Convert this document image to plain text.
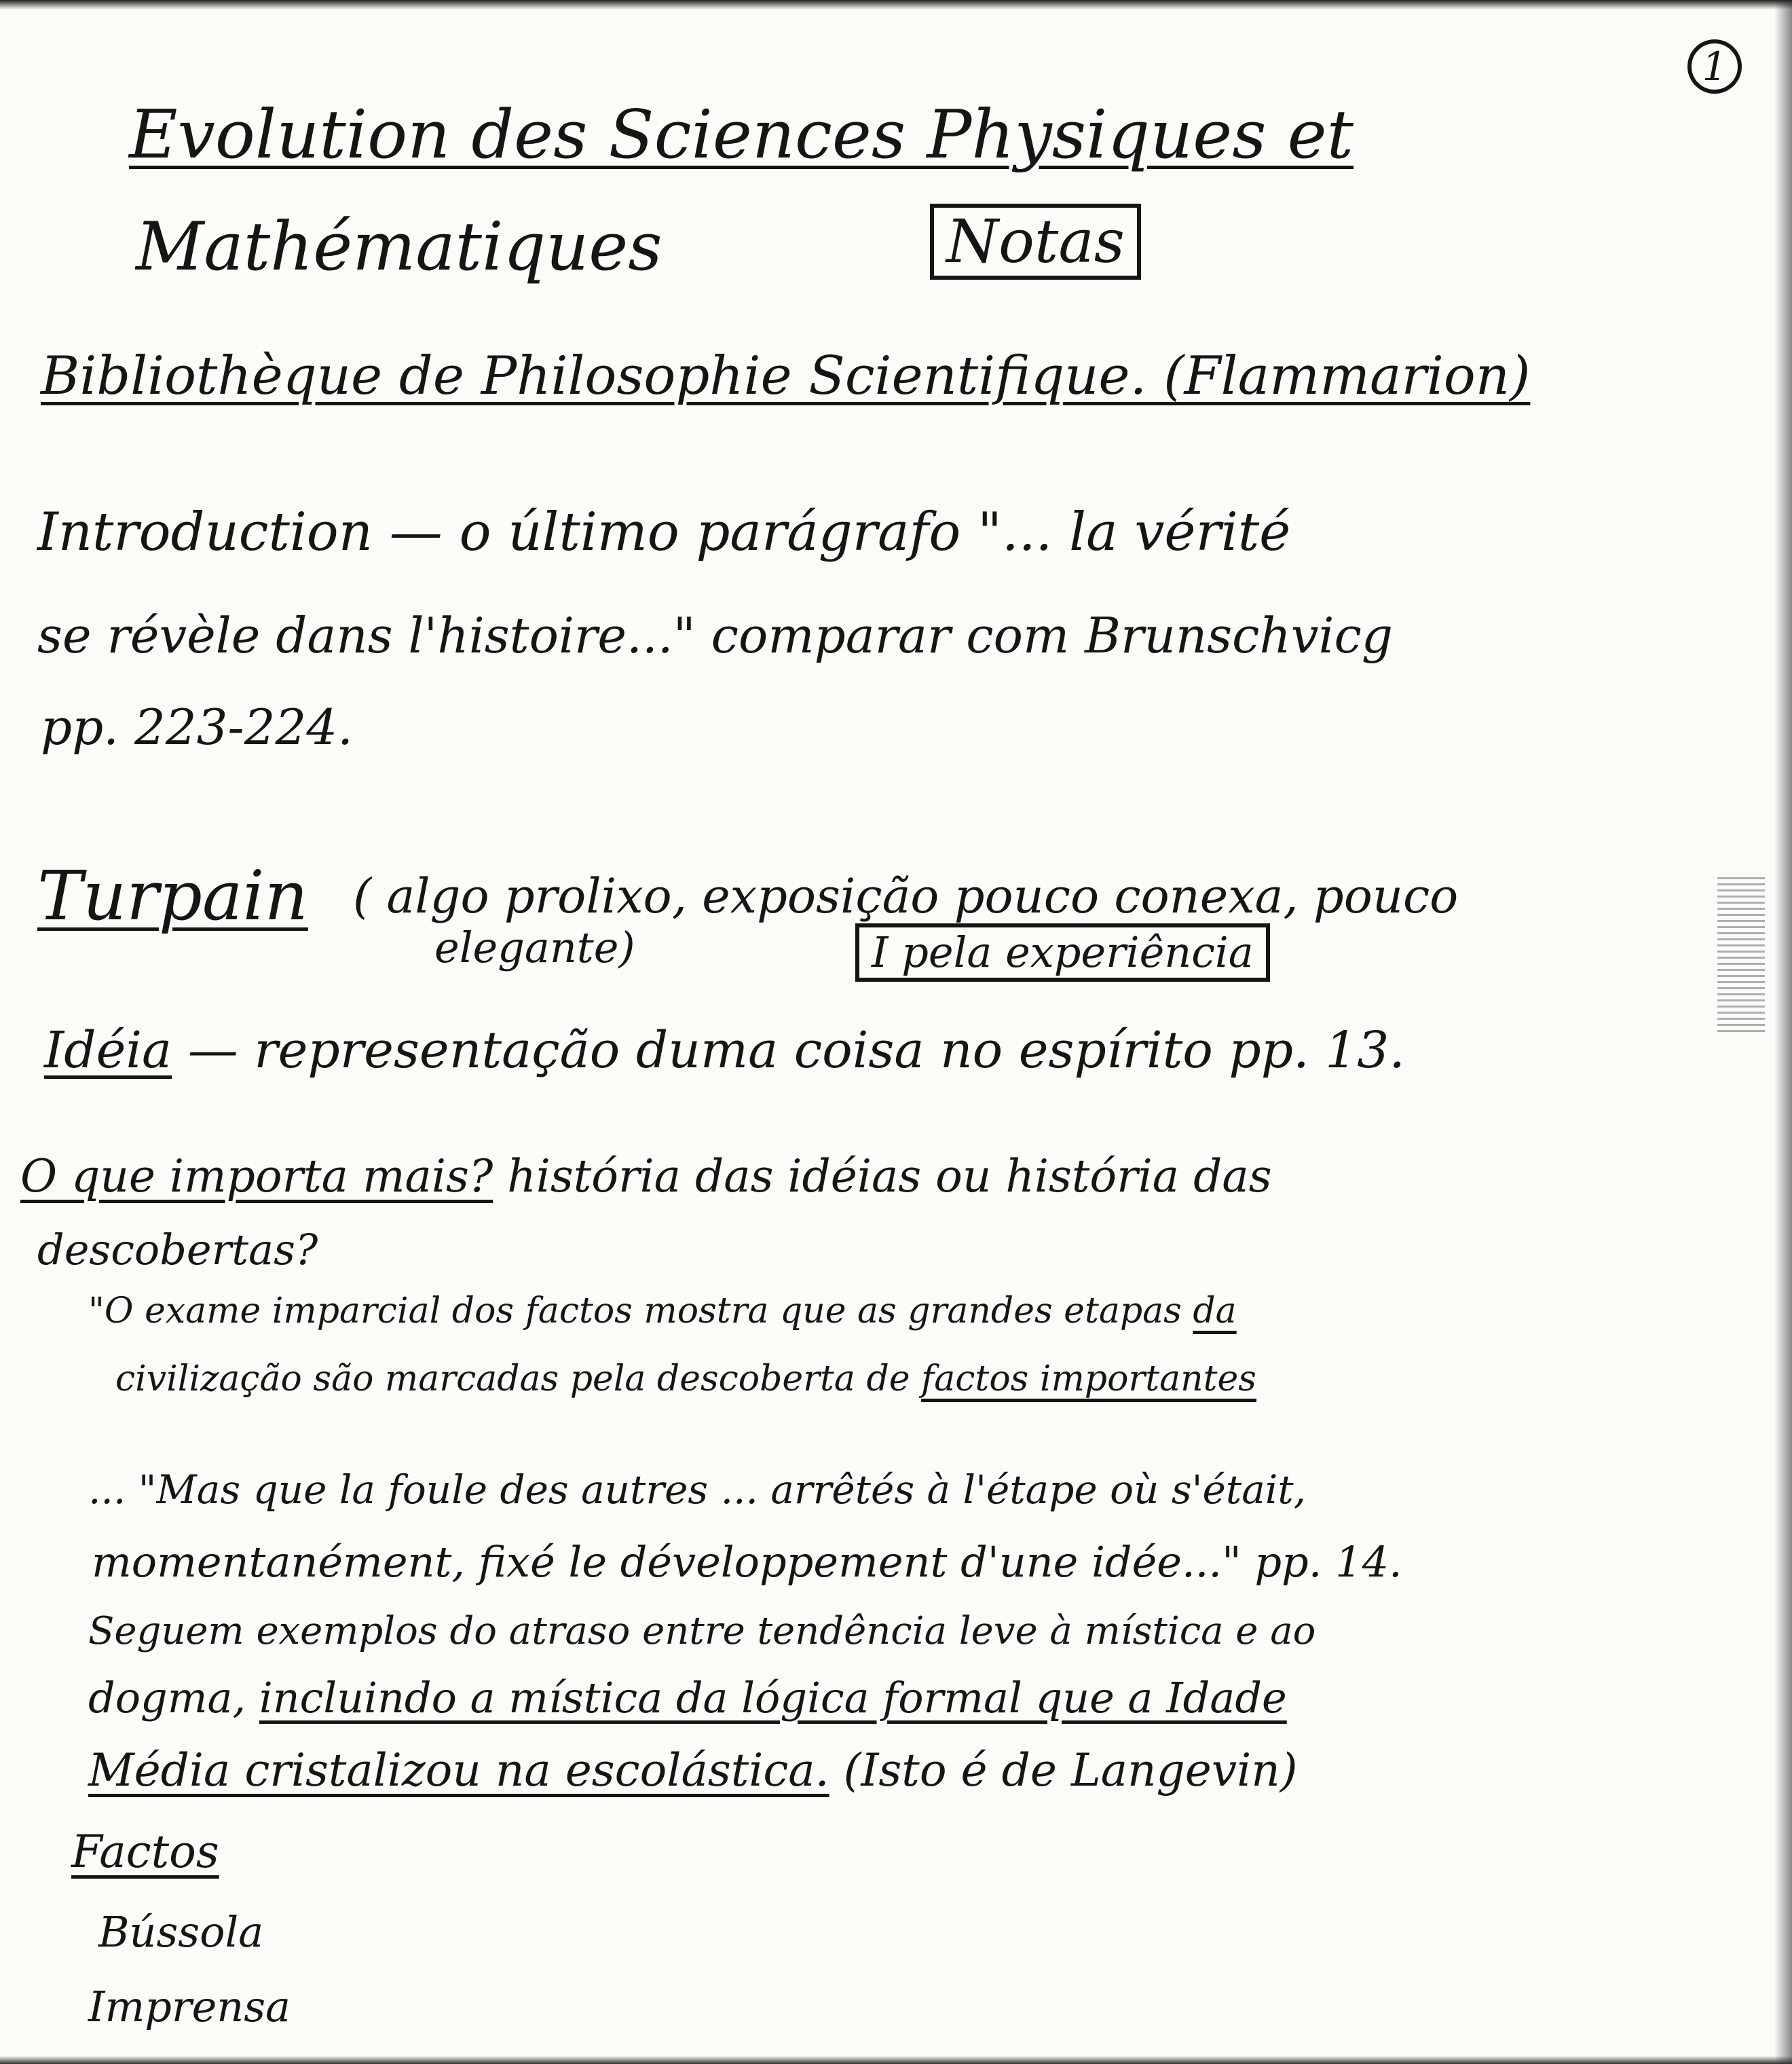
1
Evolution des Sciences Physiques et
Mathématiques	Notas
Bibliothèque de Philosophie Scientifique. (Flammarion)
Introduction — o último parágrafo "... la vérité
se révèle dans l'histoire..." comparar com Brunschvicg
pp. 223-224.
Turpain ( algo prolixo, exposição pouco conexa, pouco
elegante)	I pela experiência
Idéia — representação duma coisa no espírito pp. 13.
O que importa mais? história das idéias ou história das
descobertas?
"O exame imparcial dos factos mostra que as grandes etapas da
civilização são marcadas pela descoberta de factos importantes
... "Mas que la foule des autres ... arrêtés à l'étape où s'était,
momentanément, fixé le développement d'une idée..." pp. 14.
Seguem exemplos do atraso entre tendência leve à mística e ao
dogma, incluindo a mística da lógica formal que a Idade
Média cristalizou na escolástica. (Isto é de Langevin)
Factos
Bússola
Imprensa
